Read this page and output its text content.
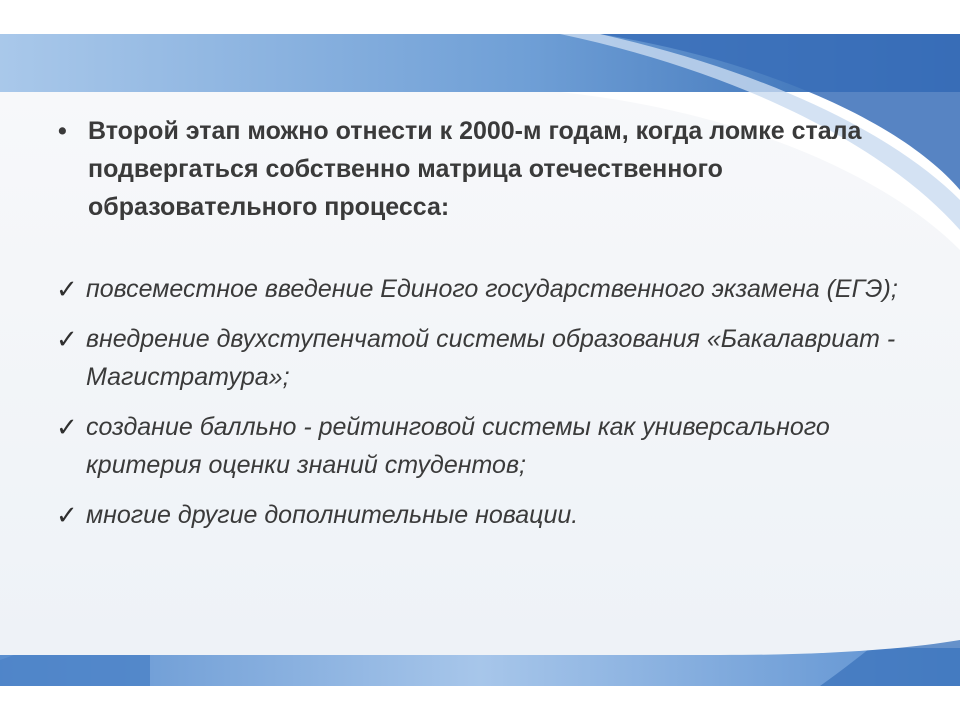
• Второй этап можно отнести к 2000-м годам, когда ломке стала подвергаться собственно матрица отечественного образовательного процесса:
✓ повсеместное введение Единого государственного экзамена (ЕГЭ);
✓ внедрение двухступенчатой системы образования «Бакалавриат - Магистратура»;
✓ создание балльно - рейтинговой системы как универсального критерия оценки знаний студентов;
✓ многие другие дополнительные новации.
